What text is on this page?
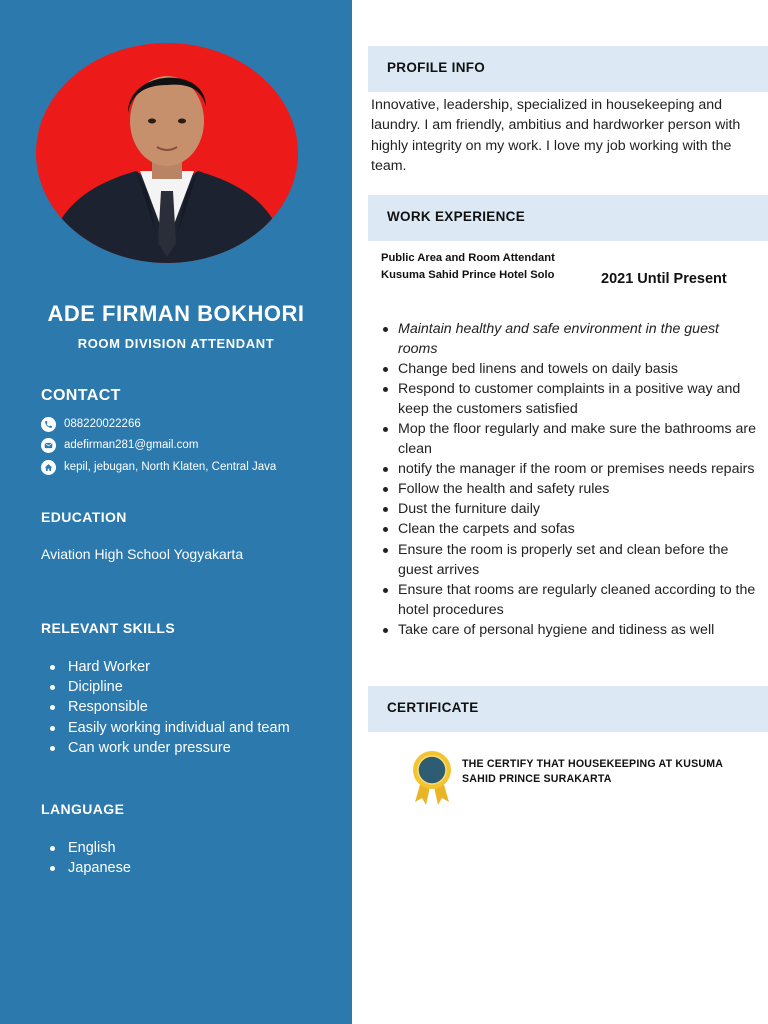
ADE FIRMAN BOKHORI
ROOM DIVISION ATTENDANT
CONTACT
088220022266
adefirman281@gmail.com
kepil, jebugan, North Klaten, Central Java
EDUCATION
Aviation High School Yogyakarta
RELEVANT SKILLS
Hard Worker
Dicipline
Responsible
Easily working individual and team
Can work under pressure
LANGUAGE
English
Japanese
PROFILE INFO
Innovative, leadership, specialized in housekeeping and laundry. I am friendly, ambitius and hardworker person with highly integrity on my work. I love my job working with the team.
WORK EXPERIENCE
Public Area and Room Attendant
Kusuma Sahid Prince Hotel Solo	2021 Until Present
Maintain healthy and safe environment in the guest rooms
Change bed linens and towels on daily basis
Respond to customer complaints in a positive way and keep the customers satisfied
Mop the floor regularly and make sure the bathrooms are clean
notify the manager if the room or premises needs repairs
Follow the health and safety rules
Dust the furniture daily
Clean the carpets and sofas
Ensure the room is properly set and clean before the guest arrives
Ensure that rooms are regularly cleaned according to the hotel procedures
Take care of personal hygiene and tidiness as well
CERTIFICATE
THE CERTIFY THAT HOUSEKEEPING AT KUSUMA SAHID PRINCE SURAKARTA
